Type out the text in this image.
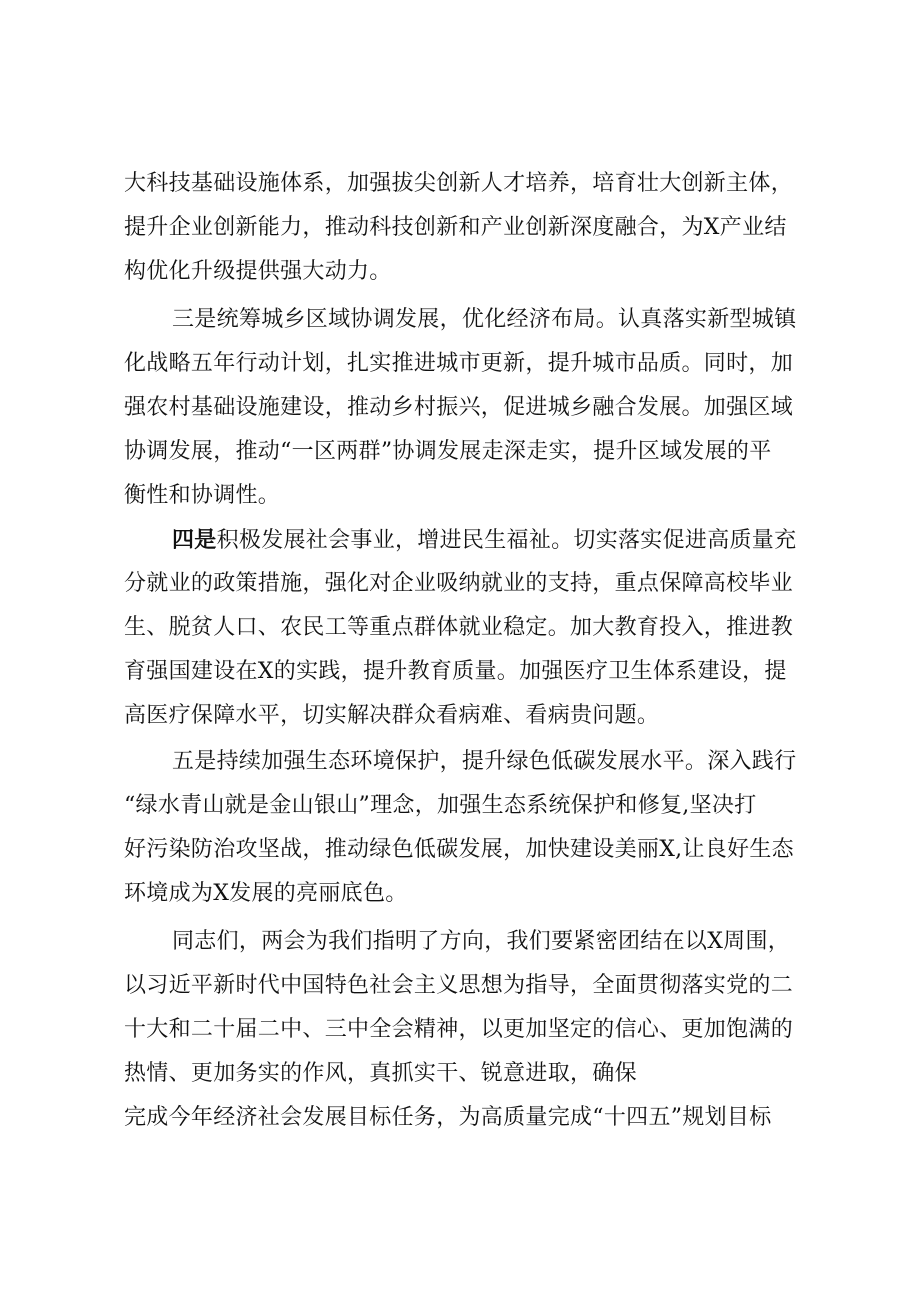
大科技基础设施体系，加强拔尖创新人才培养，培育壮大创新主体，
提升企业创新能力，推动科技创新和产业创新深度融合，为X产业结
构优化升级提供强大动力。
三是统筹城乡区域协调发展，优化经济布局。认真落实新型城镇
化战略五年行动计划，扎实推进城市更新，提升城市品质。同时，加
强农村基础设施建设，推动乡村振兴，促进城乡融合发展。加强区域
协调发展，推动“一区两群”协调发展走深走实，提升区域发展的平
衡性和协调性。
四是积极发展社会事业，增进民生福祉。切实落实促进高质量充
分就业的政策措施，强化对企业吸纳就业的支持，重点保障高校毕业
生、脱贫人口、农民工等重点群体就业稳定。加大教育投入，推进教
育强国建设在X的实践，提升教育质量。加强医疗卫生体系建设，提
高医疗保障水平，切实解决群众看病难、看病贵问题。
五是持续加强生态环境保护，提升绿色低碳发展水平。深入践行
“绿水青山就是金山银山”理念，加强生态系统保护和修复,坚决打
好污染防治攻坚战，推动绿色低碳发展，加快建设美丽X,让良好生态
环境成为X发展的亮丽底色。
同志们，两会为我们指明了方向，我们要紧密团结在以X周围，
以习近平新时代中国特色社会主义思想为指导，全面贯彻落实党的二
十大和二十届二中、三中全会精神，以更加坚定的信心、更加饱满的
热情、更加务实的作风，真抓实干、锐意进取，确保
完成今年经济社会发展目标任务，为高质量完成“十四五”规划目标
